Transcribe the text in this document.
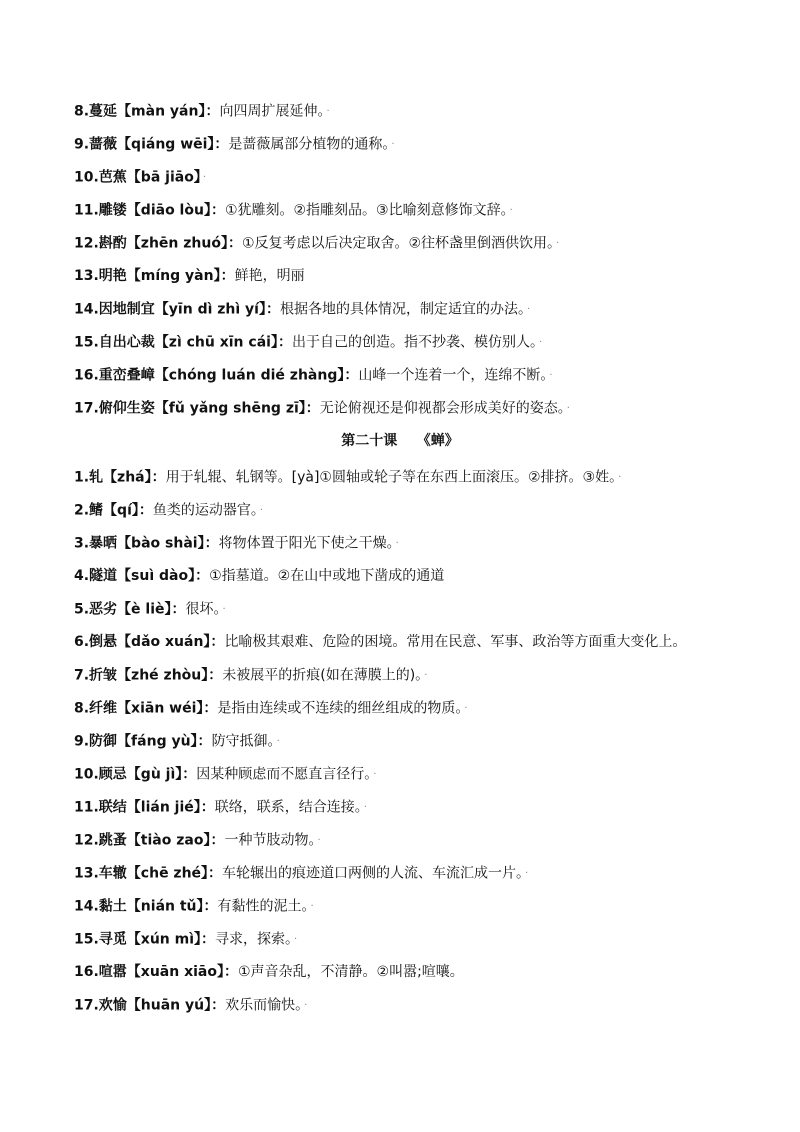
8.蔓延【màn yán】：向四周扩展延伸。 ·
9.蔷薇【qiáng wēi】：是蔷薇属部分植物的通称。 ·
10.芭蕉【bā jiāo】 ·
11.雕镂【diāo lòu】：①犹雕刻。②指雕刻品。③比喻刻意修饰文辞。 ·
12.斟酌【zhēn zhuó】：①反复考虑以后决定取舍。②往杯盏里倒酒供饮用。 ·
13.明艳【míng yàn】：鲜艳，明丽
14.因地制宜【yīn dì zhì yí】：根据各地的具体情况，制定适宜的办法。 ·
15.自出心裁【zì chū xīn cái】：出于自己的创造。指不抄袭、模仿别人。 ·
16.重峦叠嶂【chóng luán dié zhàng】：山峰一个连着一个，连绵不断。 ·
17.俯仰生姿【fǔ yǎng shēng zī】：无论俯视还是仰视都会形成美好的姿态。 ·
第二十课    《蝉》
1.轧【zhá】：用于轧辊、轧钢等。[yà]①圆轴或轮子等在东西上面滚压。②排挤。③姓。 ·
2.鳍【qí】：鱼类的运动器官。 ·
3.暴晒【bào shài】：将物体置于阳光下使之干燥。 ·
4.隧道【suì dào】：①指墓道。②在山中或地下凿成的通道
5.恶劣【è liè】：很坏。 ·
6.倒悬【dǎo xuán】：比喻极其艰难、危险的困境。常用在民意、军事、政治等方面重大变化上。
7.折皱【zhé zhòu】：未被展平的折痕(如在薄膜上的)。 ·
8.纤维【xiān wéi】：是指由连续或不连续的细丝组成的物质。 ·
9.防御【fáng yù】：防守抵御。 ·
10.顾忌【gù jì】：因某种顾虑而不愿直言径行。 ·
11.联结【lián jié】：联络，联系，结合连接。 ·
12.跳蚤【tiào zao】：一种节肢动物。 ·
13.车辙【chē zhé】：车轮辗出的痕迹道口两侧的人流、车流汇成一片。 ·
14.黏土【nián tǔ】：有黏性的泥土。 ·
15.寻觅【xún mì】：寻求，探索。 ·
16.喧嚣【xuān xiāo】：①声音杂乱，不清静。②叫嚣;喧嚷。
17.欢愉【huān yú】：欢乐而愉快。 ·
